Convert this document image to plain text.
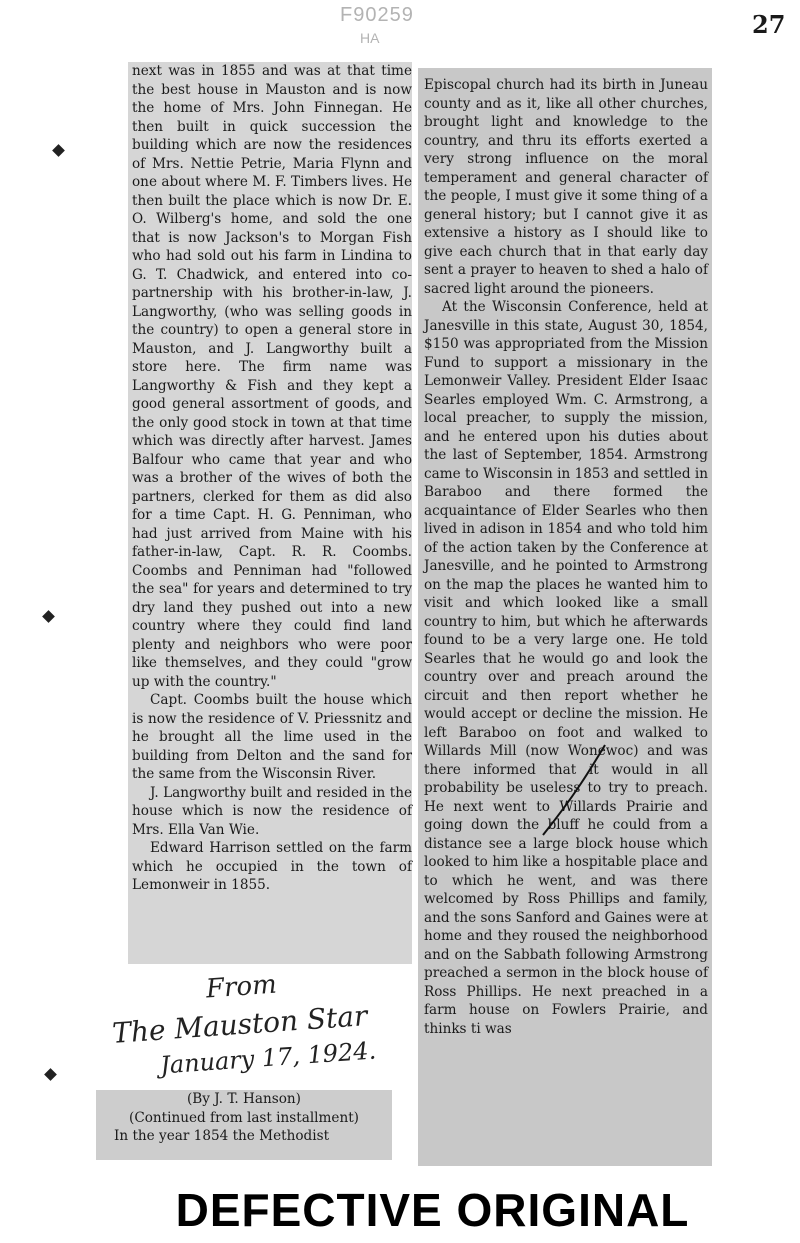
F90259
HA	27

next was in 1855 and was at that time the best house in Mauston and is now the home of Mrs. John Finnegan. He then built in quick succession the building which are now the residences of Mrs. Nettie Petrie, Maria Flynn and one about where M. F. Timbers lives. He then built the place which is now Dr. E. O. Wilberg's home, and sold the one that is now Jackson's to Morgan Fish who had sold out his farm in Lindina to G. T. Chadwick, and entered into co-partnership with his brother-in-law, J. Langworthy, (who was selling goods in the country) to open a general store in Mauston, and J. Langworthy built a store here. The firm name was Langworthy & Fish and they kept a good general assortment of goods, and the only good stock in town at that time which was directly after harvest. James Balfour who came that year and who was a brother of the wives of both the partners, clerked for them as did also for a time Capt. H. G. Penniman, who had just arrived from Maine with his father-in-law, Capt. R. R. Coombs. Coombs and Penniman had "followed the sea" for years and determined to try dry land they pushed out into a new country where they could find land plenty and neighbors who were poor like themselves, and they could "grow up with the country."

Capt. Coombs built the house which is now the residence of V. Priessnitz and he brought all the lime used in the building from Delton and the sand for the same from the Wisconsin River.

J. Langworthy built and resided in the house which is now the residence of Mrs. Ella Van Wie.

Edward Harrison settled on the farm which he occupied in the town of Lemonweir in 1855.

From
The Mauston Star
January 17, 1924.

(By J. T. Hanson)

(Continued from last installment)

In the year 1854 the Methodist

Episcopal church had its birth in Juneau county and as it, like all other churches, brought light and knowledge to the country, and thru its efforts exerted a very strong influence on the moral temperament and general character of the people, I must give it some thing of a general history; but I cannot give it as extensive a history as I should like to give each church that in that early day sent a prayer to heaven to shed a halo of sacred light around the pioneers.

At the Wisconsin Conference, held at Janesville in this state, August 30, 1854, $150 was appropriated from the Mission Fund to support a missionary in the Lemonweir Valley. President Elder Isaac Searles employed Wm. C. Armstrong, a local preacher, to supply the mission, and he entered upon his duties about the last of September, 1854. Armstrong came to Wisconsin in 1853 and settled in Baraboo and there formed the acquaintance of Elder Searles who then lived in adison in 1854 and who told him of the action taken by the Conference at Janesville, and he pointed to Armstrong on the map the places he wanted him to visit and which looked like a small country to him, but which he afterwards found to be a very large one. He told Searles that he would go and look the country over and preach around the circuit and then report whether he would accept or decline the mission. He left Baraboo on foot and walked to Willards Mill (now Wonewoc) and was there informed that it would in all probability be useless to try to preach. He next went to Willards Prairie and going down the bluff he could from a distance see a large block house which looked to him like a hospitable place and to which he went, and was there welcomed by Ross Phillips and family, and the sons Sanford and Gaines were at home and they roused the neighborhood and on the Sabbath following Armstrong preached a sermon in the block house of Ross Phillips. He next preached in a farm house on Fowlers Prairie, and thinks ti was

DEFECTIVE ORIGINAL
